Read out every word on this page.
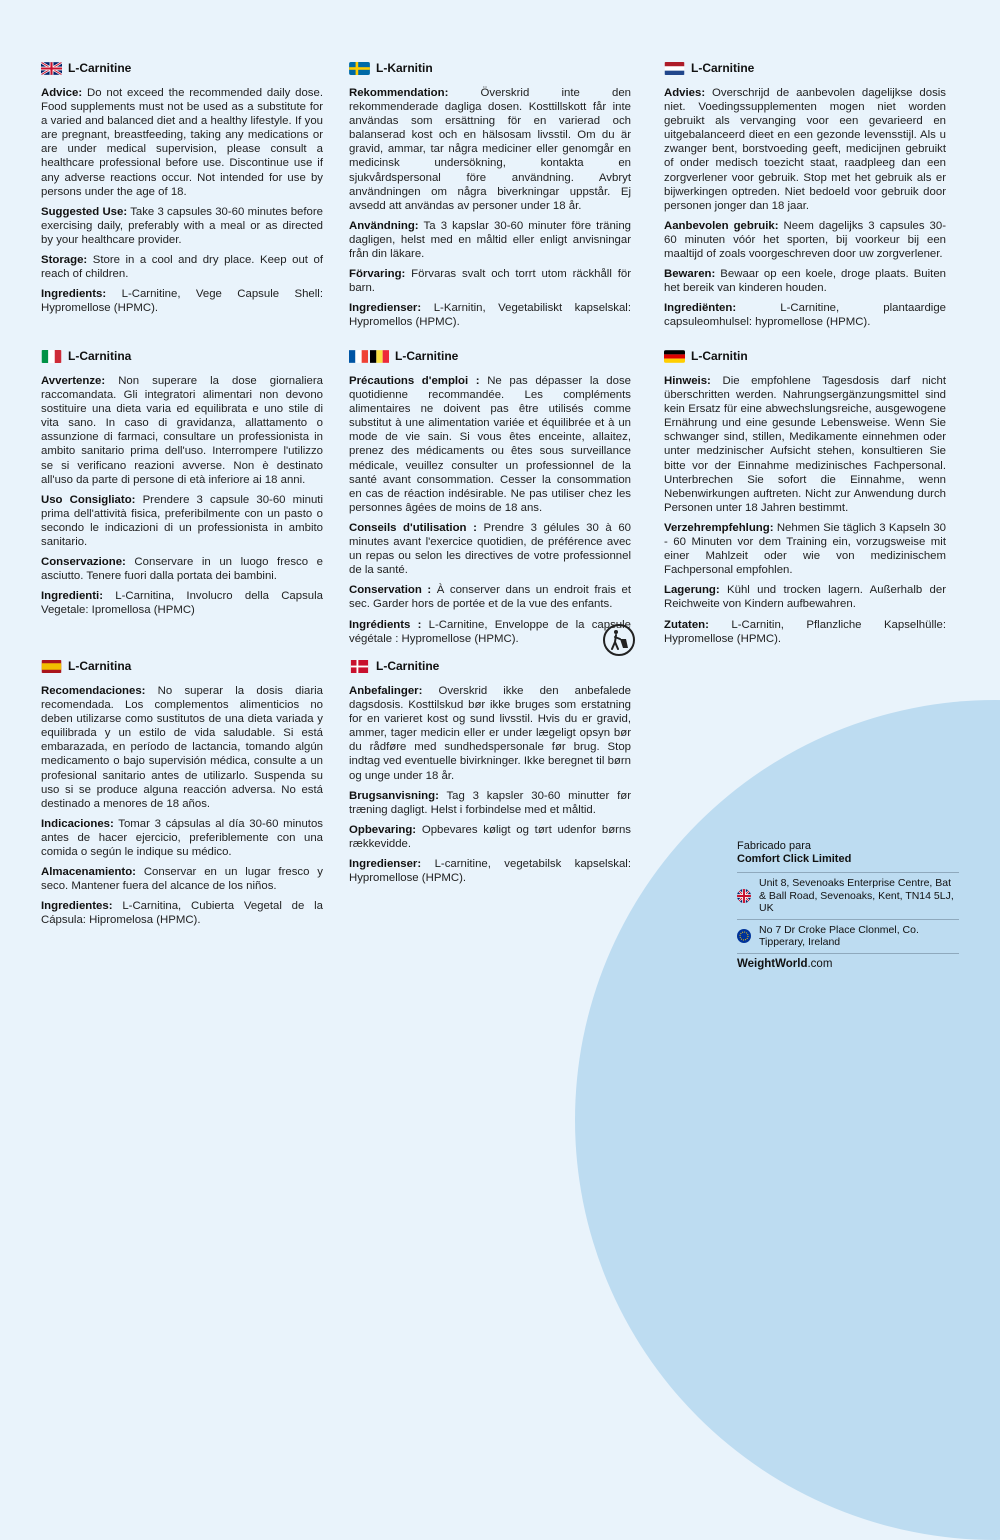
L-Carnitine

Advice: Do not exceed the recommended daily dose. Food supplements must not be used as a substitute for a varied and balanced diet and a healthy lifestyle. If you are pregnant, breastfeeding, taking any medications or are under medical supervision, please consult a healthcare professional before use. Discontinue use if any adverse reactions occur. Not intended for use by persons under the age of 18.

Suggested Use: Take 3 capsules 30-60 minutes before exercising daily, preferably with a meal or as directed by your healthcare provider.

Storage: Store in a cool and dry place. Keep out of reach of children.

Ingredients: L-Carnitine, Vege Capsule Shell: Hypromellose (HPMC).

L-Karnitin

Rekommendation:	Överskrid inte den rekommenderade dagliga dosen. Kosttillskott får inte användas som ersättning för en varierad och balanserad kost och en hälsosam livsstil. Om du är gravid, ammar, tar några mediciner eller genomgår en medicinsk undersökning, kontakta en sjukvårdspersonal före användning. Avbryt användningen om några biverkningar uppstår. Ej avsedd att användas av personer under 18 år.

Användning: Ta 3 kapslar 30-60 minuter före träning dagligen, helst med en måltid eller enligt anvisningar från din läkare.

Förvaring: Förvaras svalt och torrt utom räckhåll för barn.

Ingredienser: L-Karnitin, Vegetabiliskt kapselskal: Hypromellos (HPMC).

L-Carnitine

Advies: Overschrijd de aanbevolen dagelijkse dosis niet. Voedingssupplementen mogen niet worden gebruikt als vervanging voor een gevarieerd en uitgebalanceerd dieet en een gezonde levensstijl. Als u zwanger bent, borstvoeding geeft, medicijnen gebruikt of onder medisch toezicht staat, raadpleeg dan een zorgverlener voor gebruik. Stop met het gebruik als er bijwerkingen optreden. Niet bedoeld voor gebruik door personen jonger dan 18 jaar.

Aanbevolen gebruik: Neem dagelijks 3 capsules 30-60 minuten vóór het sporten, bij voorkeur bij een maaltijd of zoals voorgeschreven door uw zorgverlener.

Bewaren: Bewaar op een koele, droge plaats. Buiten het bereik van kinderen houden.

Ingrediënten:	L-Carnitine, plantaardige capsuleomhulsel: hypromellose (HPMC).

L-Carnitina

Avvertenze: Non superare la dose giornaliera raccomandata. Gli integratori alimentari non devono sostituire una dieta varia ed equilibrata e uno stile di vita sano. In caso di gravidanza, allattamento o assunzione di farmaci, consultare un professionista in ambito sanitario prima dell'uso. Interrompere l'utilizzo se si verificano reazioni avverse. Non è destinato all'uso da parte di persone di età inferiore ai 18 anni.

Uso Consigliato: Prendere 3 capsule 30-60 minuti prima dell'attività fisica, preferibilmente con un pasto o secondo le indicazioni di un professionista in ambito sanitario.

Conservazione: Conservare in un luogo fresco e asciutto. Tenere fuori dalla portata dei bambini.

Ingredienti: L-Carnitina, Involucro della Capsula Vegetale: Ipromellosa (HPMC)

L-Carnitine

Précautions d'emploi : Ne pas dépasser la dose quotidienne recommandée. Les compléments alimentaires ne doivent pas être utilisés comme substitut à une alimentation variée et équilibrée et à un mode de vie sain. Si vous êtes enceinte, allaitez, prenez des médicaments ou êtes sous surveillance médicale, veuillez consulter un professionnel de la santé avant consommation. Cesser la consommation en cas de réaction indésirable. Ne pas utiliser chez les personnes âgées de moins de 18 ans.

Conseils d'utilisation : Prendre 3 gélules 30 à 60 minutes avant l'exercice quotidien, de préférence avec un repas ou selon les directives de votre professionnel de la santé.

Conservation : À conserver dans un endroit frais et sec. Garder hors de portée et de la vue des enfants.

Ingrédients : L-Carnitine, Enveloppe de la capsule végétale : Hypromellose (HPMC).

L-Carnitin

Hinweis: Die empfohlene Tagesdosis darf nicht überschritten werden. Nahrungsergänzungsmittel sind kein Ersatz für eine abwechslungsreiche, ausgewogene Ernährung und eine gesunde Lebensweise. Wenn Sie schwanger sind, stillen, Medikamente einnehmen oder unter medzinischer Aufsicht stehen, konsultieren Sie bitte vor der Einnahme medizinisches Fachpersonal. Unterbrechen Sie sofort die Einnahme, wenn Nebenwirkungen auftreten. Nicht zur Anwendung durch Personen unter 18 Jahren bestimmt.

Verzehrempfehlung: Nehmen Sie täglich 3 Kapseln 30 - 60 Minuten vor dem Training ein, vorzugsweise mit einer Mahlzeit oder wie von medizinischem Fachpersonal empfohlen.

Lagerung: Kühl und trocken lagern. Außerhalb der Reichweite von Kindern aufbewahren.

Zutaten: L-Carnitin, Pflanzliche Kapselhülle: Hypromellose (HPMC).

L-Carnitina

Recomendaciones: No superar la dosis diaria recomendada. Los complementos alimenticios no deben utilizarse como sustitutos de una dieta variada y equilibrada y un estilo de vida saludable. Si está embarazada, en período de lactancia, tomando algún medicamento o bajo supervisión médica, consulte a un profesional sanitario antes de utilizarlo. Suspenda su uso si se produce alguna reacción adversa. No está destinado a menores de 18 años.

Indicaciones: Tomar 3 cápsulas al día 30-60 minutos antes de hacer ejercicio, preferiblemente con una comida o según le indique su médico.

Almacenamiento: Conservar en un lugar fresco y seco. Mantener fuera del alcance de los niños.

Ingredientes: L-Carnitina, Cubierta Vegetal de la Cápsula: Hipromelosa (HPMC).

L-Carnitine

Anbefalinger: Overskrid ikke den anbefalede dagsdosis. Kosttilskud bør ikke bruges som erstatning for en varieret kost og sund livsstil. Hvis du er gravid, ammer, tager medicin eller er under lægeligt opsyn bør du rådføre med sundhedspersonale før brug. Stop indtag ved eventuelle bivirkninger. Ikke beregnet til børn og unge under 18 år.

Brugsanvisning: Tag 3 kapsler 30-60 minutter før træning dagligt. Helst i forbindelse med et måltid.

Opbevaring: Opbevares køligt og tørt udenfor børns rækkevidde.

Ingredienser: L-carnitine, vegetabilsk kapselskal: Hypromellose (HPMC).

Fabricado para

Comfort Click Limited

Unit 8, Sevenoaks Enterprise Centre, Bat & Ball Road, Sevenoaks, Kent, TN14 5LJ, UK
No 7 Dr Croke Place Clonmel, Co. Tipperary, Ireland
WeightWorld.com
